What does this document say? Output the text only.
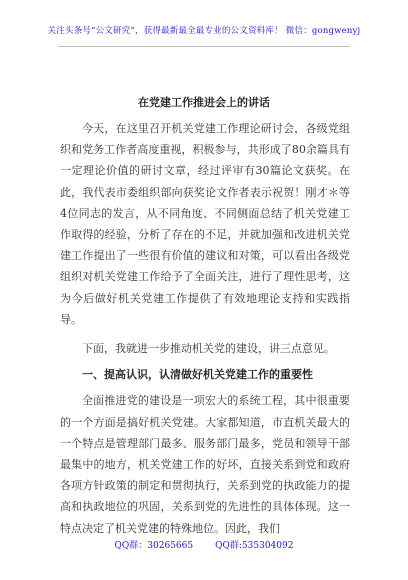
关注头条号“公文研究”，获得最新最全最专业的公文资料库！ 微信：gongwenyj
在党建工作推进会上的讲话

今天，在这里召开机关党建工作理论研讨会，各级党组织和党务工作者高度重视，积极参与，共形成了80余篇具有一定理论价值的研讨文章，经过评审有30篇论文获奖。在此，我代表市委组织部向获奖论文作者表示祝贺！刚才＊等4位同志的发言，从不同角度、不同侧面总结了机关党建工作取得的经验，分析了存在的不足，并就加强和改进机关党建工作提出了一些很有价值的建议和对策，可以看出各级党组织对机关党建工作给予了全面关注，进行了理性思考，这为今后做好机关党建工作提供了有效地理论支持和实践指导。

下面，我就进一步推动机关党的建设，讲三点意见。

一、提高认识，认清做好机关党建工作的重要性

全面推进党的建设是一项宏大的系统工程，其中很重要的一个方面是搞好机关党建。大家都知道，市直机关最大的一个特点是管理部门最多、服务部门最多，党员和领导干部最集中的地方，机关党建工作的好坏，直接关系到党和政府各项方针政策的制定和贯彻执行，关系到党的执政能力的提高和执政地位的巩固，关系到党的先进性的具体体现。这一特点决定了机关党建的特殊地位。因此，我们

QQ群：30265665 QQ群:535304092
